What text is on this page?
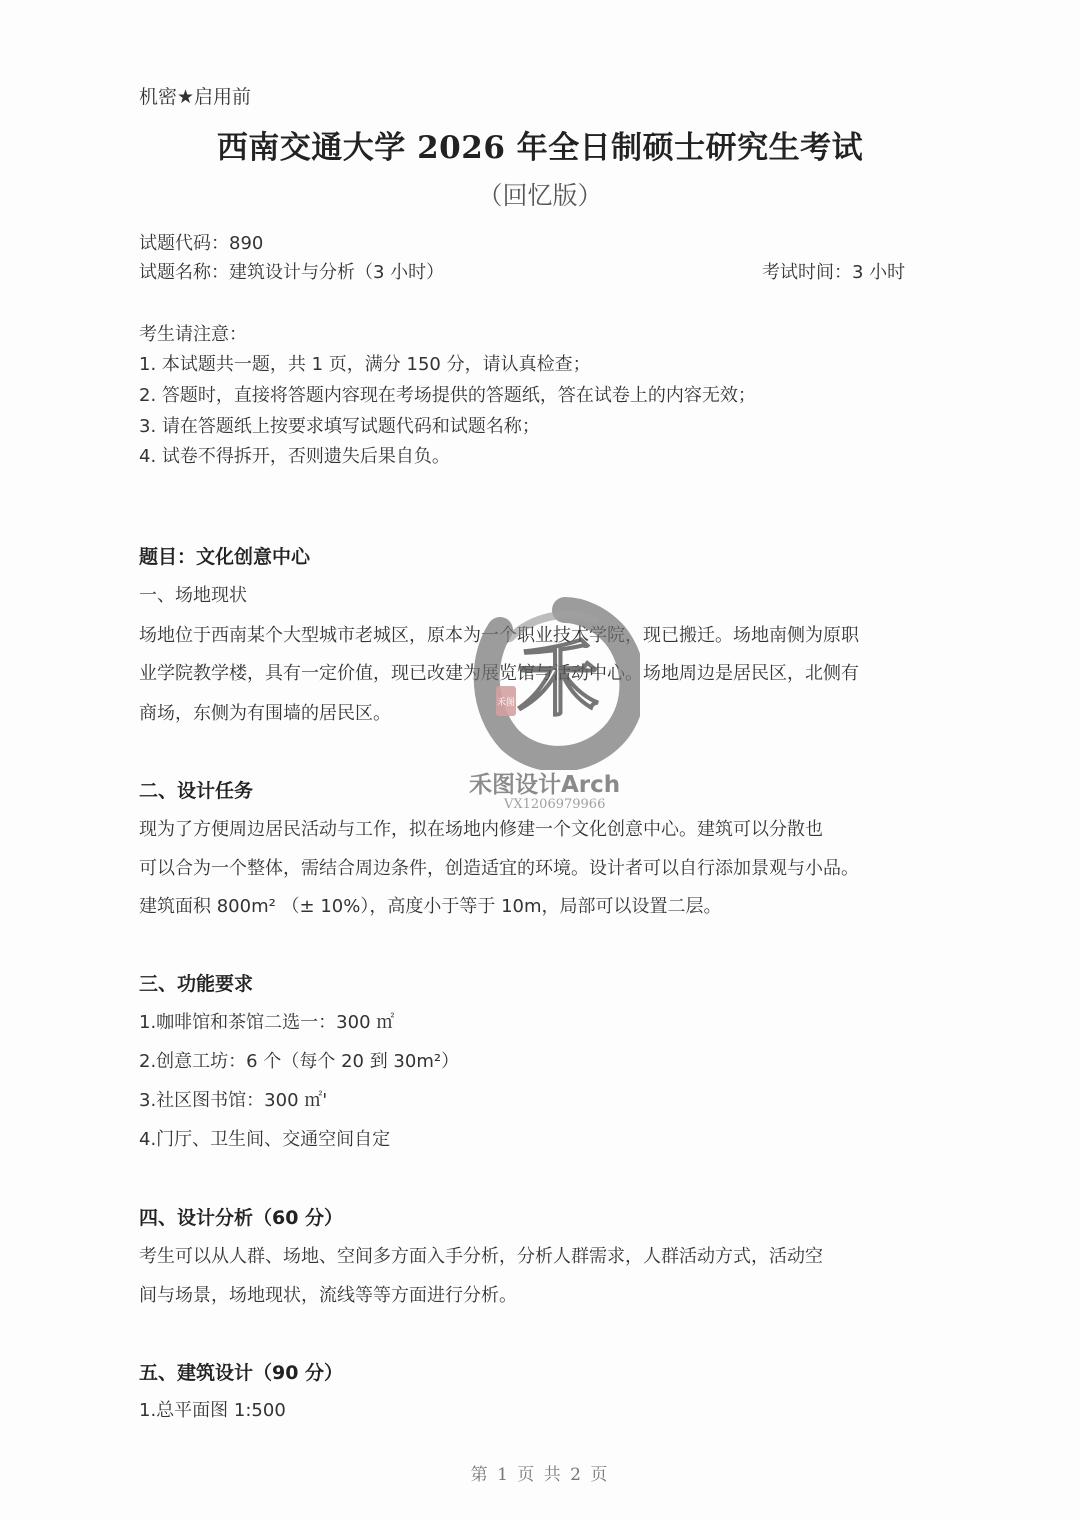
机密★启用前
西南交通大学 2026 年全日制硕士研究生考试
（回忆版）
试题代码：890
试题名称：建筑设计与分析（3 小时）	考试时间：3 小时
考生请注意：
1. 本试题共一题，共 1 页，满分 150 分，请认真检查；
2. 答题时，直接将答题内容现在考场提供的答题纸，答在试卷上的内容无效；
3. 请在答题纸上按要求填写试题代码和试题名称；
4. 试卷不得拆开，否则遗失后果自负。
题目：文化创意中心
一、场地现状
场地位于西南某个大型城市老城区，原本为一个职业技术学院，现已搬迁。场地南侧为原职
业学院教学楼，具有一定价值，现已改建为展览馆与活动中心。场地周边是居民区，北侧有
商场，东侧为有围墙的居民区。
二、设计任务
现为了方便周边居民活动与工作，拟在场地内修建一个文化创意中心。建筑可以分散也
可以合为一个整体，需结合周边条件，创造适宜的环境。设计者可以自行添加景观与小品。
建筑面积 800m² （± 10%），高度小于等于 10m，局部可以设置二层。
三、功能要求
1.咖啡馆和茶馆二选一：300 ㎡
2.创意工坊：6 个（每个 20 到 30m²）
3.社区图书馆：300 ㎡'
4.门厅、卫生间、交通空间自定
四、设计分析（60 分）
考生可以从人群、场地、空间多方面入手分析，分析人群需求，人群活动方式，活动空
间与场景，场地现状，流线等等方面进行分析。
五、建筑设计（90 分）
1.总平面图 1:500
禾
禾图
禾图设计Arch
VX1206979966
第 1 页 共 2 页
